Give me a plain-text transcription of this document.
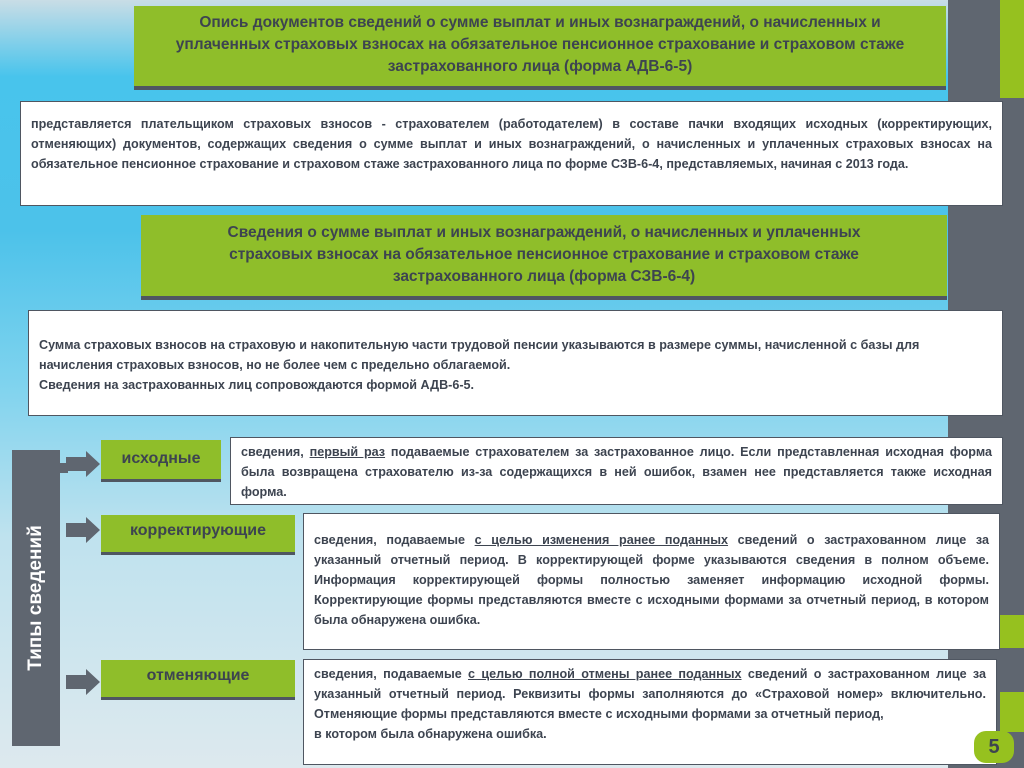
Опись документов сведений о сумме выплат и иных вознаграждений, о начисленных и уплаченных страховых взносах на обязательное пенсионное страхование и страховом стаже застрахованного лица (форма АДВ-6-5)
представляется плательщиком страховых взносов - страхователем (работодателем) в составе пачки входящих исходных (корректирующих, отменяющих) документов, содержащих сведения о сумме выплат и иных вознаграждений, о начисленных и уплаченных страховых взносах на обязательное пенсионное страхование и страховом стаже застрахованного лица по форме СЗВ-6-4, представляемых, начиная с 2013 года.
Сведения о сумме выплат и иных вознаграждений, о начисленных и уплаченных страховых взносах на обязательное пенсионное страхование и страховом стаже застрахованного лица (форма СЗВ-6-4)
Сумма страховых взносов на страховую и накопительную части трудовой пенсии указываются в размере суммы, начисленной с базы для начисления страховых взносов, но не более чем с предельно облагаемой.
Сведения на застрахованных лиц сопровождаются формой АДВ-6-5.
Типы сведений
исходные
корректирующие
отменяющие
сведения, первый раз подаваемые страхователем за застрахованное лицо. Если представленная исходная форма была возвращена страхователю из-за содержащихся в ней ошибок, взамен нее представляется также исходная форма.
сведения, подаваемые с целью изменения ранее поданных сведений о застрахованном лице за указанный отчетный период. В корректирующей форме указываются сведения в полном объеме. Информация корректирующей формы полностью заменяет информацию исходной формы. Корректирующие формы представляются вместе с исходными формами за отчетный период, в котором была обнаружена ошибка.
сведения, подаваемые с целью полной отмены ранее поданных сведений о застрахованном лице за указанный отчетный период. Реквизиты формы заполняются до «Страховой номер» включительно. Отменяющие формы представляются вместе с исходными формами за отчетный период,
в котором была обнаружена ошибка.
5
